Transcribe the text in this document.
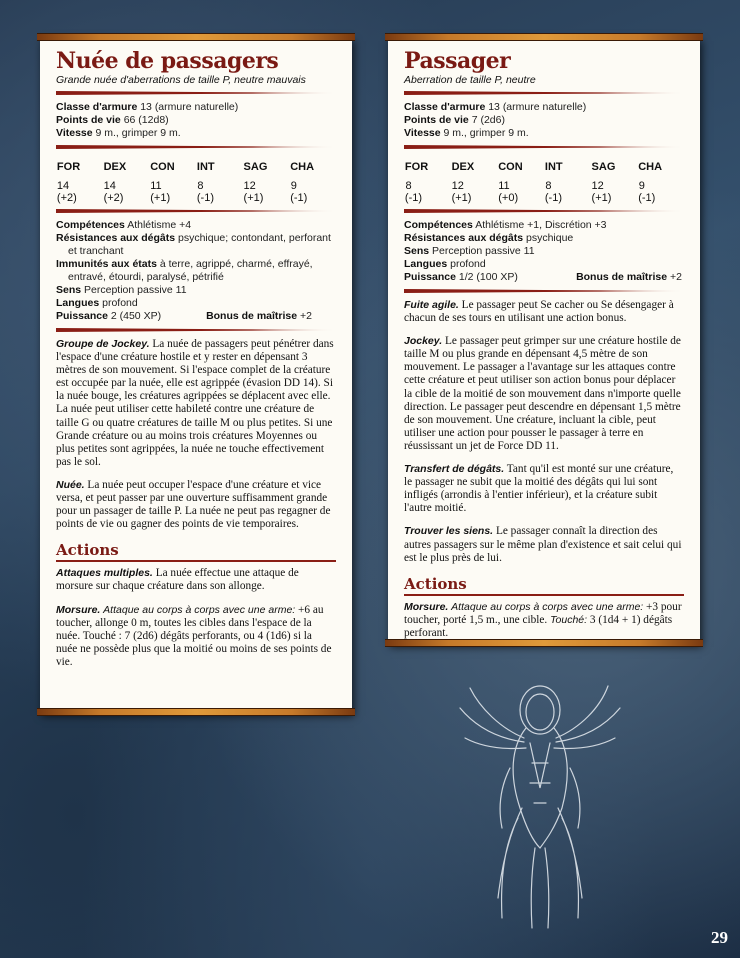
Nuée de passagers
Grande nuée d'aberrations de taille P, neutre mauvais
Classe d'armure 13 (armure naturelle)
Points de vie 66 (12d8)
Vitesse 9 m., grimper 9 m.
FOR
14 (+2)
DEX
14 (+2)
CON
11 (+1)
INT
8 (-1)
SAG
12 (+1)
CHA
9 (-1)
Compétences Athlétisme +4
Résistances aux dégâts psychique; contondant, perforant et tranchant
Immunités aux états à terre, agrippé, charmé, effrayé, entravé, étourdi, paralysé, pétrifié
Sens Perception passive 11
Langues profond
Puissance 2 (450 XP)	Bonus de maîtrise +2

Groupe de Jockey. La nuée de passagers peut pénétrer dans l'espace d'une créature hostile et y rester en dépensant 3 mètres de son mouvement. Si l'espace complet de la créature est occupée par la nuée, elle est agrippée (évasion DD 14). Si la nuée bouge, les créatures agrippées se déplacent avec elle. La nuée peut utiliser cette habileté contre une créature de taille G ou quatre créatures de taille M ou plus petites. Si une Grande créature ou au moins trois créatures Moyennes ou plus petites sont agrippées, la nuée ne touche effectivement pas le sol.

Nuée. La nuée peut occuper l'espace d'une créature et vice versa, et peut passer par une ouverture suffisamment grande pour un passager de taille P. La nuée ne peut pas regagner de points de vie ou gagner des points de vie temporaires.

Actions

Attaques multiples. La nuée effectue une attaque de morsure sur chaque créature dans son allonge.

Morsure. Attaque au corps à corps avec une arme: +6 au toucher, allonge 0 m, toutes les cibles dans l'espace de la nuée. Touché : 7 (2d6) dégâts perforants, ou 4 (1d6) si la nuée ne possède plus que la moitié ou moins de ses points de vie.

Passager
Aberration de taille P, neutre
Classe d'armure 13 (armure naturelle)
Points de vie 7 (2d6)
Vitesse 9 m., grimper 9 m.
FOR
8 (-1)
DEX
12 (+1)
CON
11 (+0)
INT
8 (-1)
SAG
12 (+1)
CHA
9 (-1)
Compétences Athlétisme +1, Discrétion +3
Résistances aux dégâts psychique
Sens Perception passive 11
Langues profond
Puissance 1/2 (100 XP)	Bonus de maîtrise +2

Fuite agile. Le passager peut Se cacher ou Se désengager à chacun de ses tours en utilisant une action bonus.

Jockey. Le passager peut grimper sur une créature hostile de taille M ou plus grande en dépensant 4,5 mètre de son mouvement. Le passager a l'avantage sur les attaques contre cette créature et peut utiliser son action bonus pour déplacer la cible de la moitié de son mouvement dans n'importe quelle direction. Le passager peut descendre en dépensant 1,5 mètre de son mouvement. Une créature, incluant la cible, peut utiliser une action pour pousser le passager à terre en réussissant un jet de Force DD 11.

Transfert de dégâts. Tant qu'il est monté sur une créature, le passager ne subit que la moitié des dégâts qui lui sont infligés (arrondis à l'entier inférieur), et la créature subit l'autre moitié.

Trouver les siens. Le passager connaît la direction des autres passagers sur le même plan d'existence et sait celui qui est le plus près de lui.

Actions

Morsure. Attaque au corps à corps avec une arme: +3 pour toucher, porté 1,5 m., une cible. Touché: 3 (1d4 + 1) dégâts perforant.

29
